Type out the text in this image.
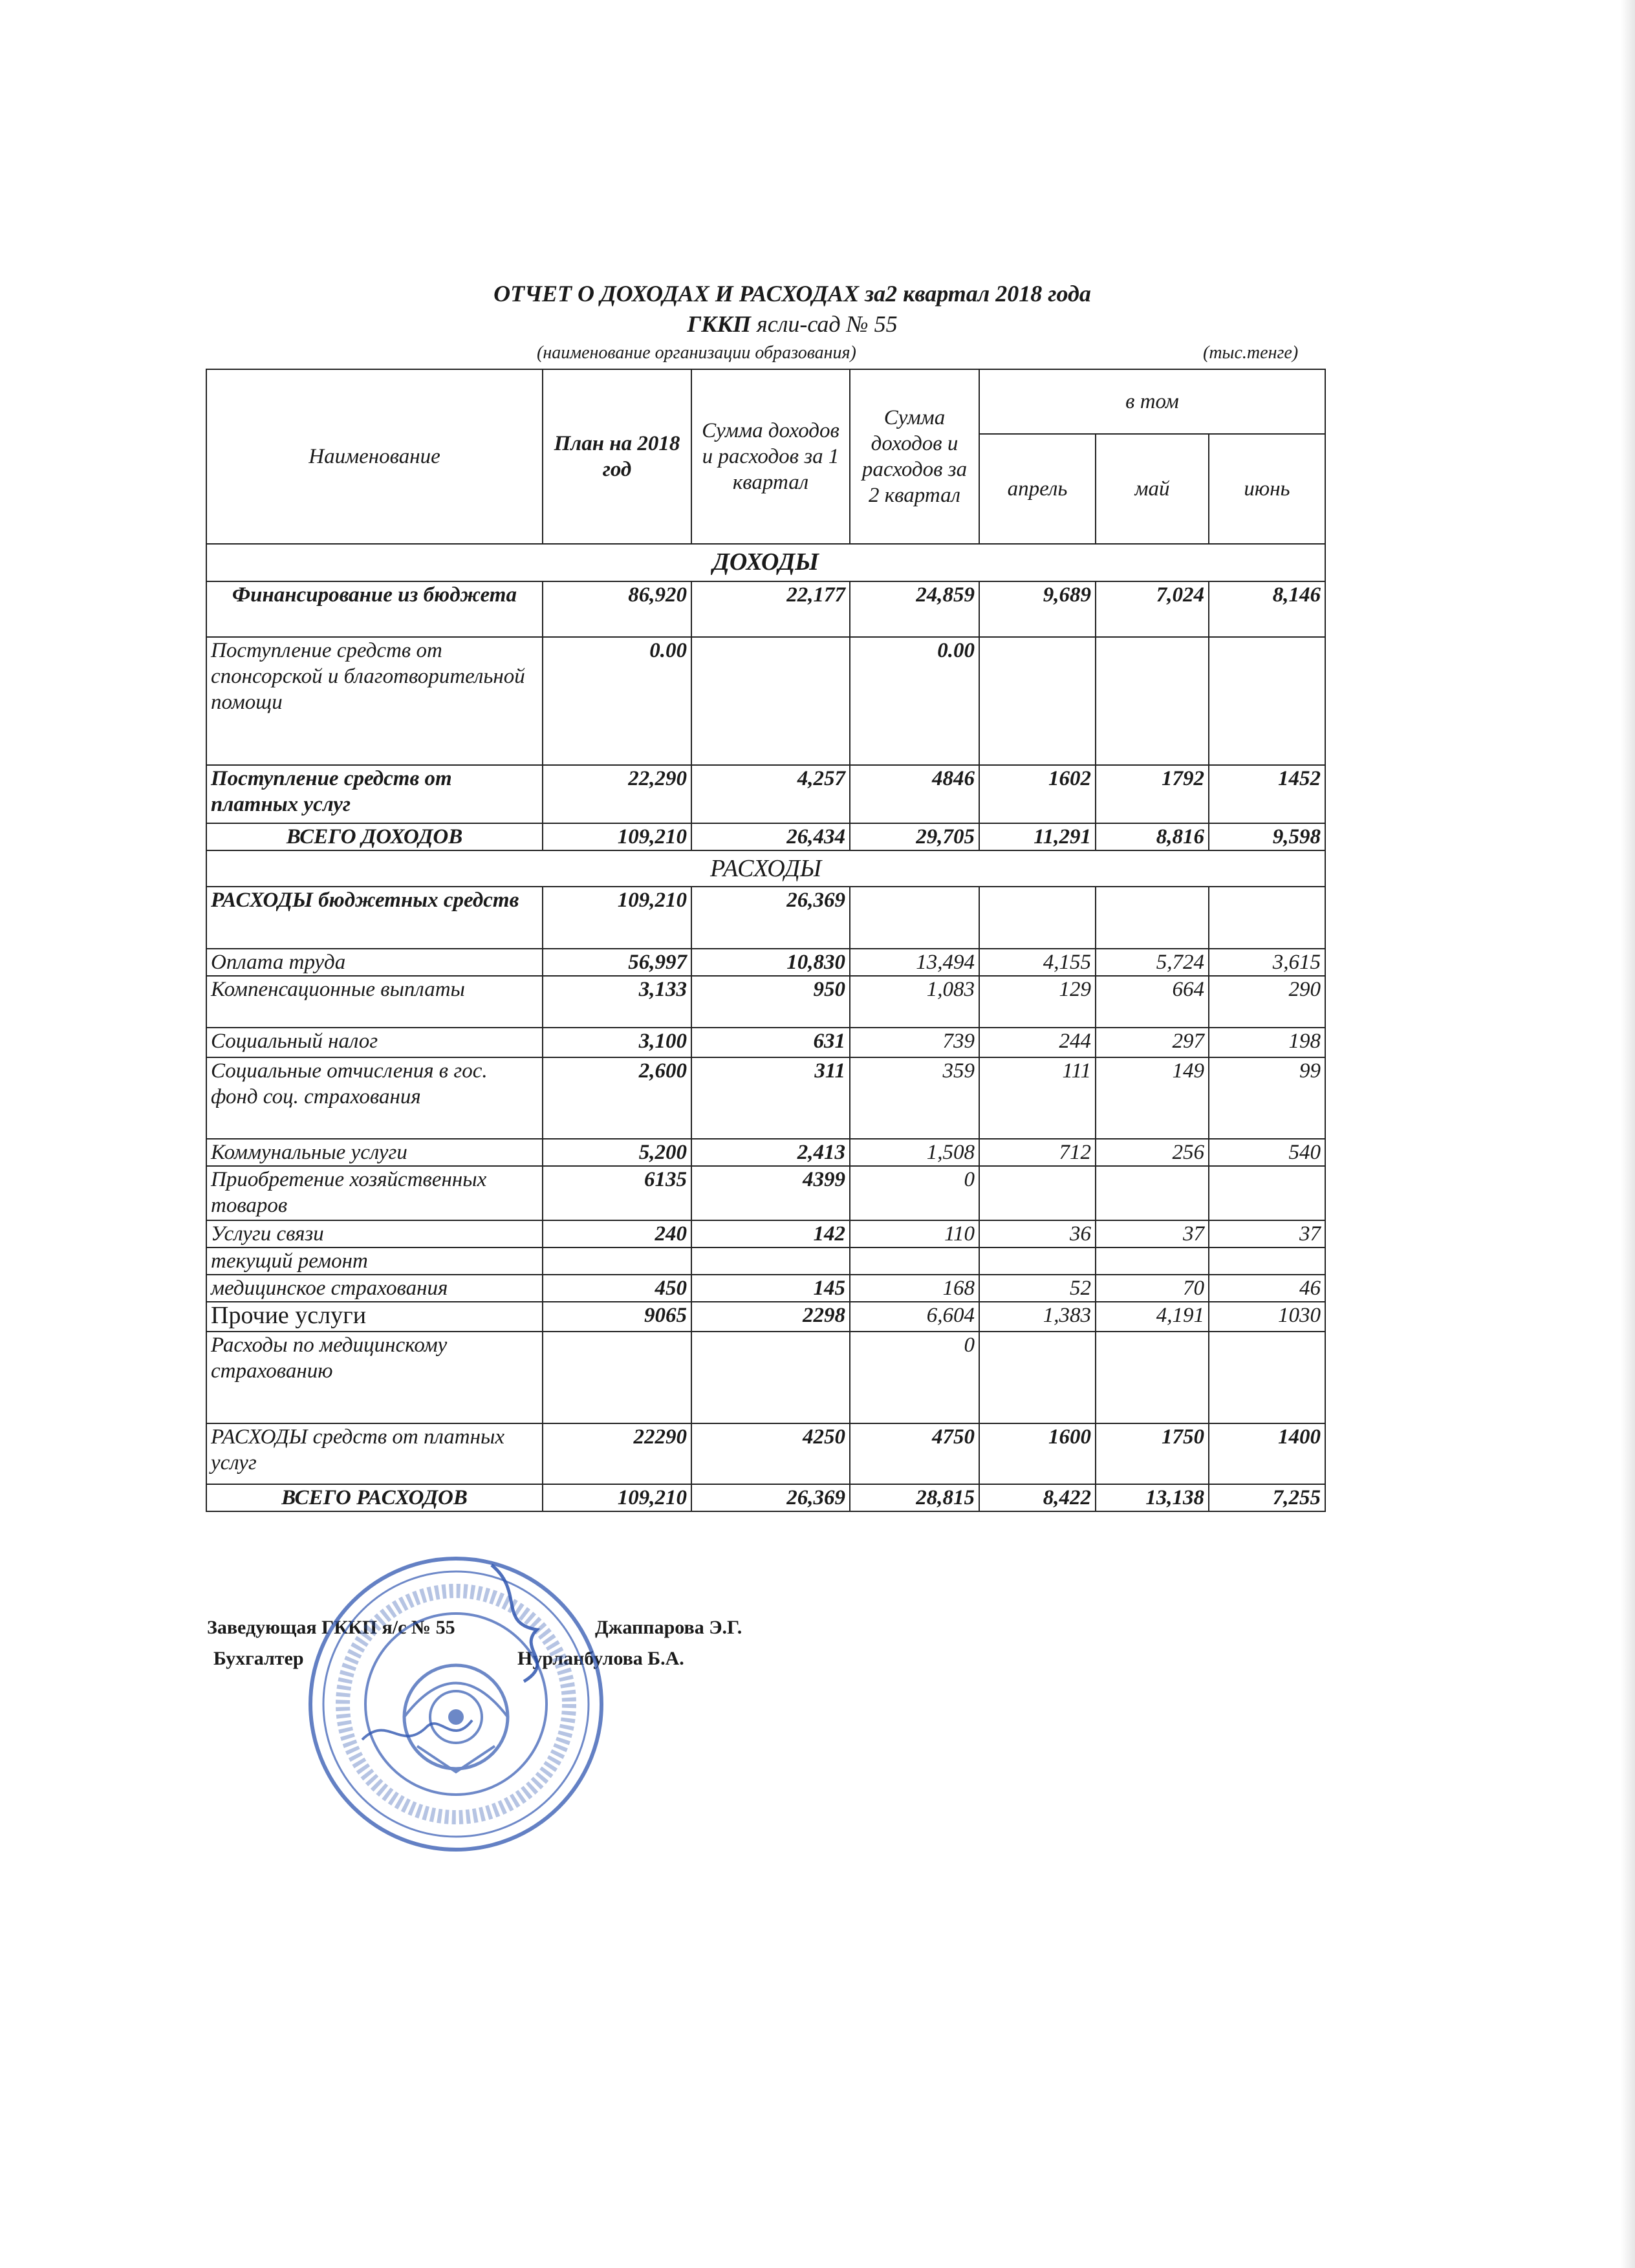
ОТЧЕТ О ДОХОДАХ И РАСХОДАХ за2 квартал 2018 года

ГККП ясли-сад № 55

(наименование организации образования)	(тыс.тенге)
Наименование	План на 2018 год	Сумма доходов и расходов за 1 квартал	Сумма доходов и расходов за 2 квартал	в том		
				апрель	май	июнь
ДОХОДЫ						
Финансирование из бюджета	86,920	22,177	24,859	9,689	7,024	8,146
Поступление средств от спонсорской и благотворительной помощи	0.00		0.00			
Поступление средств от платных услуг	22,290	4,257	4846	1602	1792	1452
ВСЕГО ДОХОДОВ	109,210	26,434	29,705	11,291	8,816	9,598
РАСХОДЫ						
РАСХОДЫ бюджетных средств	109,210	26,369				
Оплата труда	56,997	10,830	13,494	4,155	5,724	3,615
Компенсационные выплаты	3,133	950	1,083	129	664	290
Социальный налог	3,100	631	739	244	297	198
Социальные отчисления в гос. фонд соц. страхования	2,600	311	359	111	149	99
Коммунальные услуги	5,200	2,413	1,508	712	256	540
Приобретение хозяйственных товаров	6135	4399	0			
Услуги связи	240	142	110	36	37	37
текущий ремонт						
медицинское страхования	450	145	168	52	70	46
Прочие услуги	9065	2298	6,604	1,383	4,191	1030
Расходы по медицинскому страхованию			0			
РАСХОДЫ средств от платных услуг	22290	4250	4750	1600	1750	1400
ВСЕГО РАСХОДОВ	109,210	26,369	28,815	8,422	13,138	7,255
Заведующая ГККП я/с № 55	Джаппарова Э.Г.
Бухгалтер	Нурланбулова Б.А.
